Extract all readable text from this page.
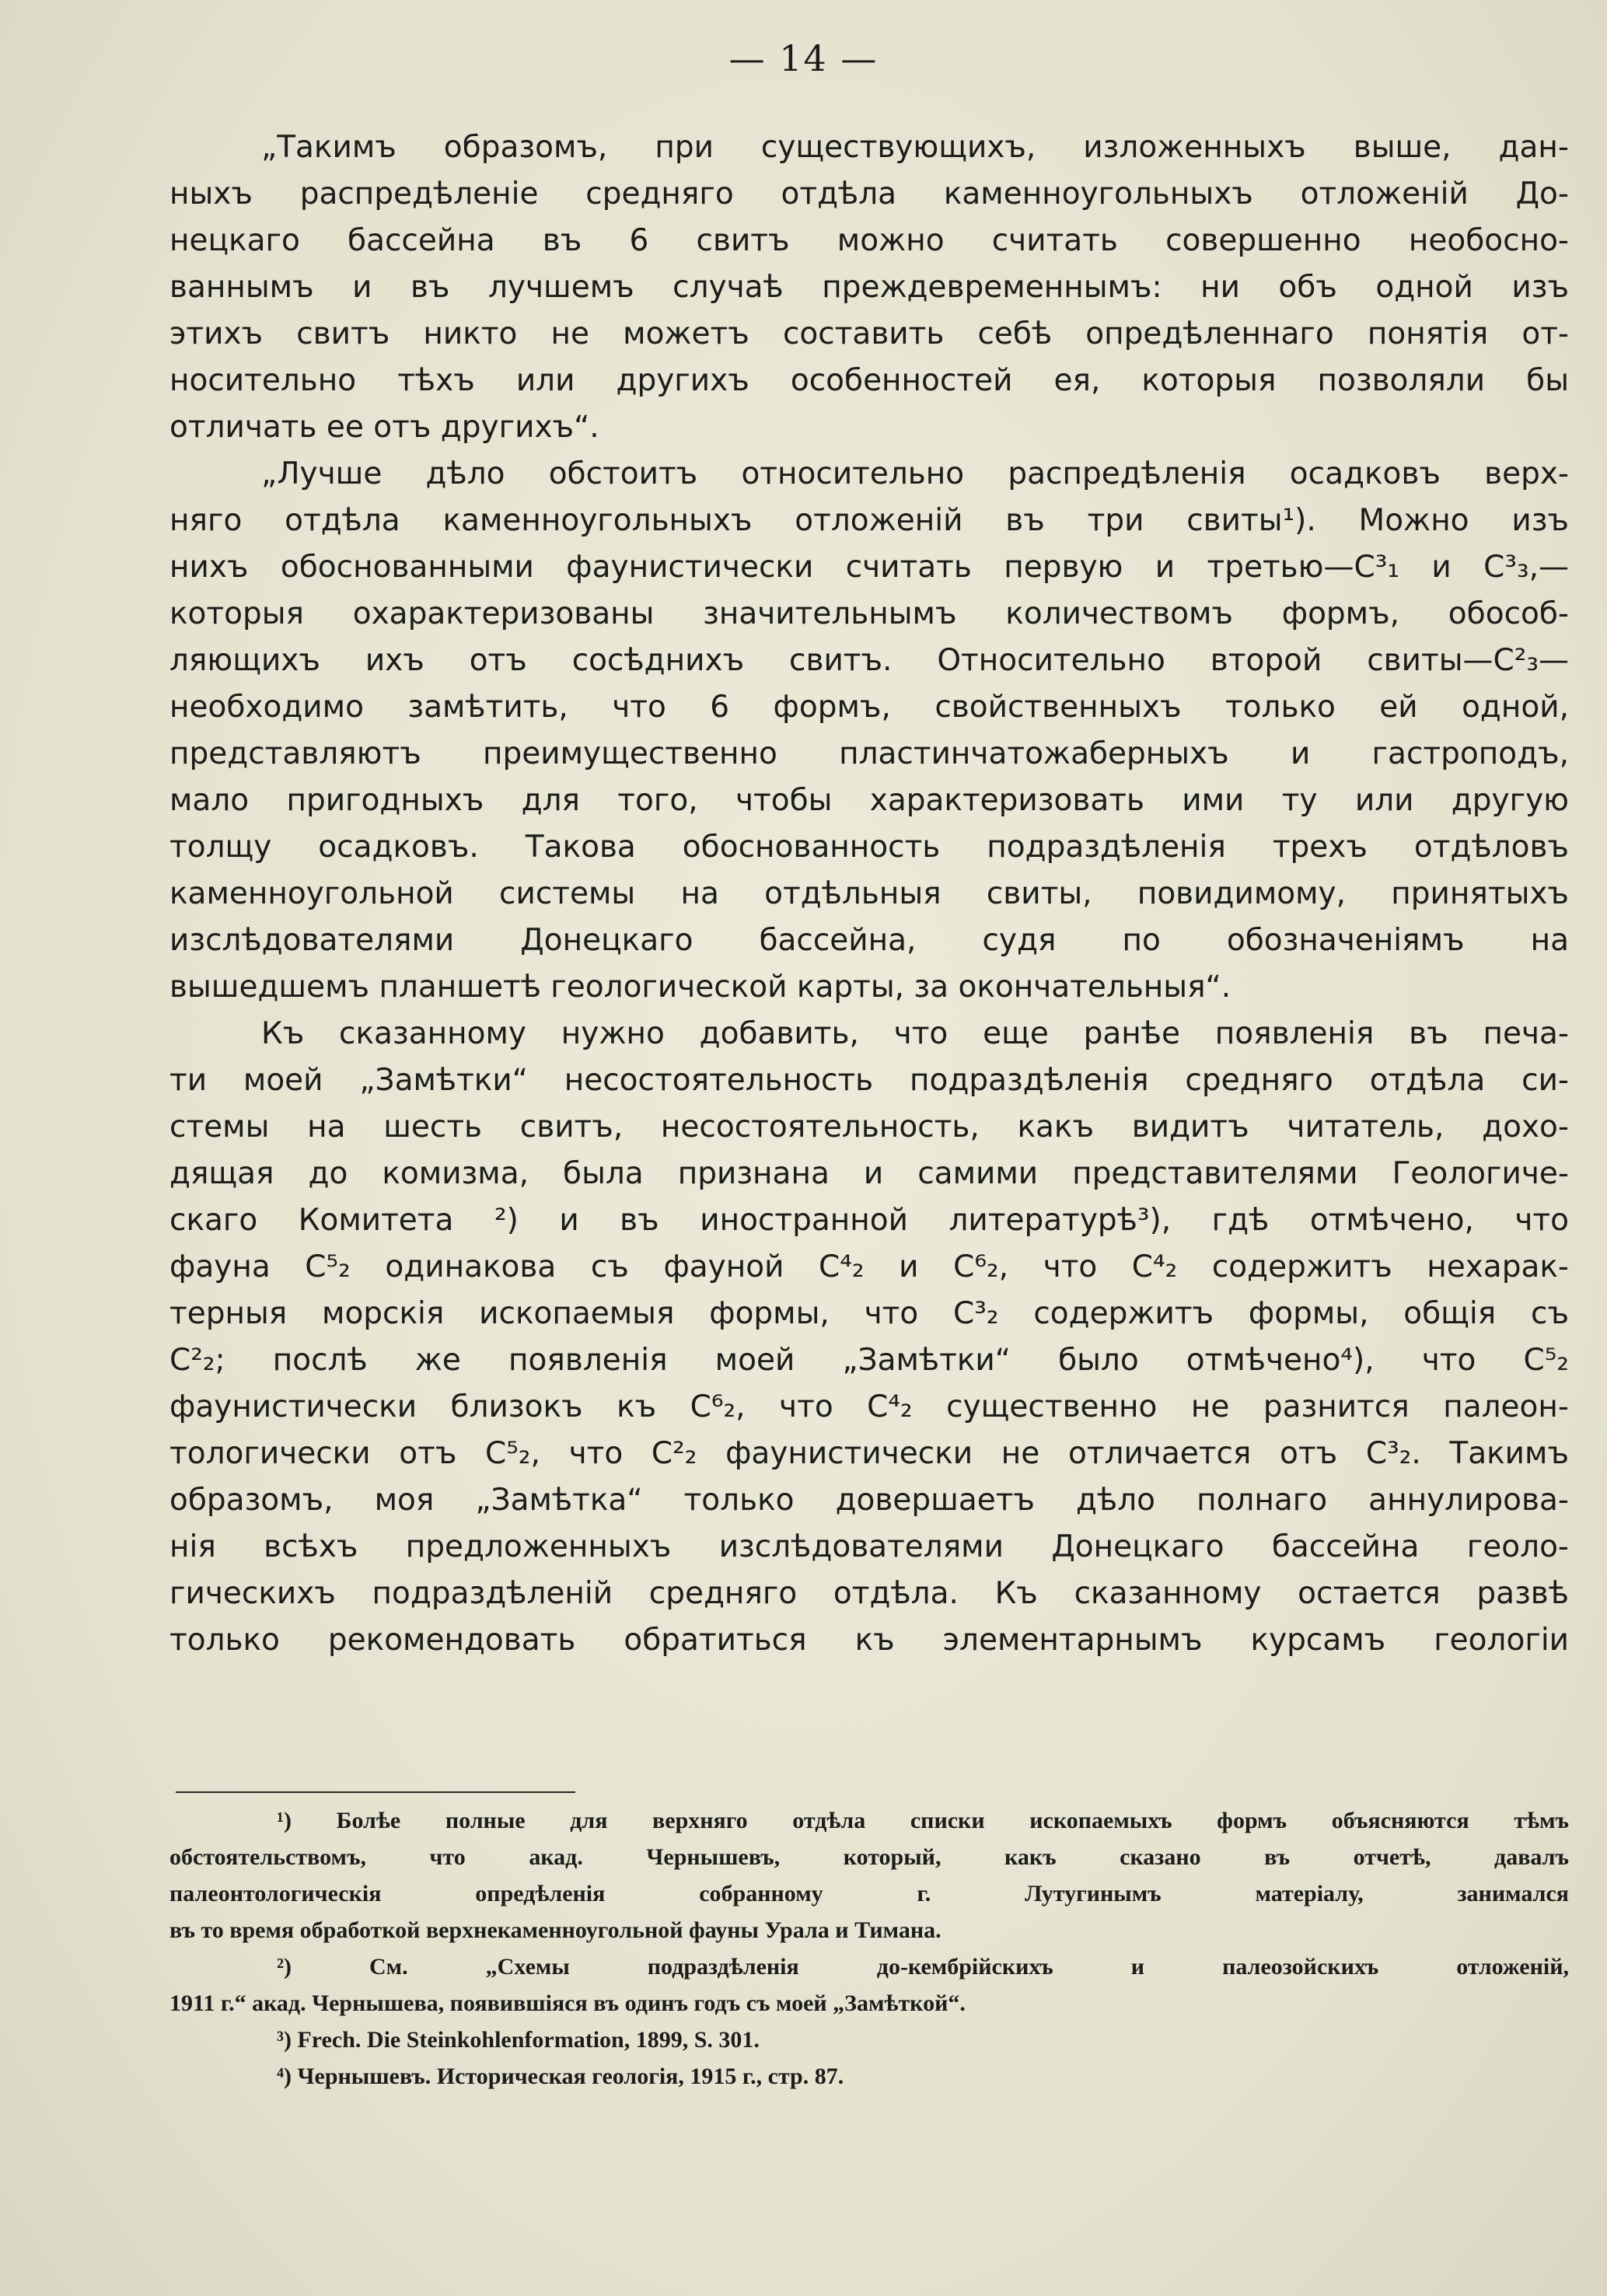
— 14 —
„Такимъ образомъ, при существующихъ, изложенныхъ выше, дан-
ныхъ распредѣленіе средняго отдѣла каменноугольныхъ отложеній До-
нецкаго бассейна въ 6 свитъ можно считать совершенно необосно-
ваннымъ и въ лучшемъ случаѣ преждевременнымъ: ни объ одной изъ
этихъ свитъ никто не можетъ составить себѣ опредѣленнаго понятія от-
носительно тѣхъ или другихъ особенностей ея, которыя позволяли бы
отличать ее отъ другихъ“.
„Лучше дѣло обстоитъ относительно распредѣленія осадковъ верх-
няго отдѣла каменноугольныхъ отложеній въ три свиты¹). Можно изъ
нихъ обоснованными фаунистически считать первую и третью—C³₁ и C³₃,—
которыя охарактеризованы значительнымъ количествомъ формъ, обособ-
ляющихъ ихъ отъ сосѣднихъ свитъ. Относительно второй свиты—C²₃—
необходимо замѣтить, что 6 формъ, свойственныхъ только ей одной,
представляютъ преимущественно пластинчатожаберныхъ и гастроподъ,
мало пригодныхъ для того, чтобы характеризовать ими ту или другую
толщу осадковъ. Такова обоснованность подраздѣленія трехъ отдѣловъ
каменноугольной системы на отдѣльныя свиты, повидимому, принятыхъ
изслѣдователями Донецкаго бассейна, судя по обозначеніямъ на
вышедшемъ планшетѣ геологической карты, за окончательныя“.
Къ сказанному нужно добавить, что еще ранѣе появленія въ печа-
ти моей „Замѣтки“ несостоятельность подраздѣленія средняго отдѣла си-
стемы на шесть свитъ, несостоятельность, какъ видитъ читатель, дохо-
дящая до комизма, была признана и самими представителями Геологиче-
скаго Комитета ²) и въ иностранной литературѣ³), гдѣ отмѣчено, что
фауна C⁵₂ одинакова съ фауной C⁴₂ и C⁶₂, что C⁴₂ содержитъ нехарак-
терныя морскія ископаемыя формы, что C³₂ содержитъ формы, общія съ
C²₂; послѣ же появленія моей „Замѣтки“ было отмѣчено⁴), что C⁵₂
фаунистически близокъ къ C⁶₂, что C⁴₂ существенно не разнится палеон-
тологически отъ C⁵₂, что C²₂ фаунистически не отличается отъ C³₂. Такимъ
образомъ, моя „Замѣтка“ только довершаетъ дѣло полнаго аннулирова-
нія всѣхъ предложенныхъ изслѣдователями Донецкаго бассейна геоло-
гическихъ подраздѣленій средняго отдѣла. Къ сказанному остается развѣ
только рекомендовать обратиться къ элементарнымъ курсамъ геологіи
¹) Болѣе полные для верхняго отдѣла списки ископаемыхъ формъ объясняются тѣмъ
обстоятельствомъ, что акад. Чернышевъ, который, какъ сказано въ отчетѣ, давалъ
палеонтологическія опредѣленія собранному г. Лутугинымъ матеріалу, занимался
въ то время обработкой верхнекаменноугольной фауны Урала и Тимана.
²) См. „Схемы подраздѣленія до-кембрійскихъ и палеозойскихъ отложеній,
1911 г.“ акад. Чернышева, появившіяся въ одинъ годъ съ моей „Замѣткой“.
³) Frech. Die Steinkohlenformation, 1899, S. 301.
⁴) Чернышевъ. Историческая геологія, 1915 г., стр. 87.
